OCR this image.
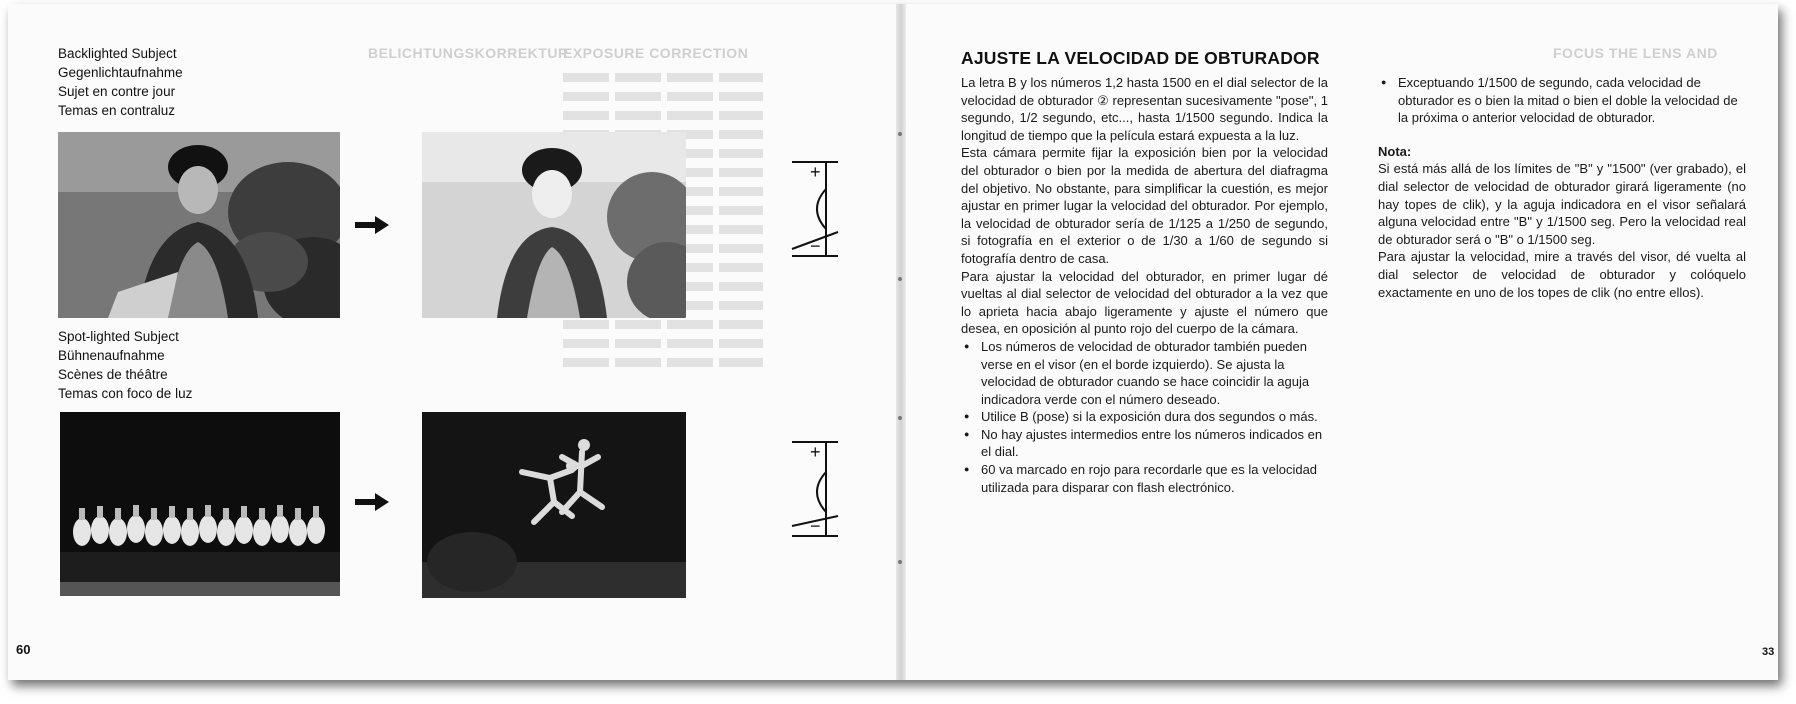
EXPOSURE CORRECTION
BELICHTUNGSKORREKTUR	FOCUS THE LENS AND
Backlighted Subject
Gegenlichtaufnahme
Sujet en contre jour
Temas en contraluz
+
−
Spot-lighted Subject
Bühnenaufnahme
Scènes de théâtre
Temas con foco de luz
+
−
60
AJUSTE LA VELOCIDAD DE OBTURADOR

La letra B y los números 1,2 hasta 1500 en el dial selector de la velocidad de obturador ② representan sucesivamente "pose", 1 segundo, 1/2 segundo, etc..., hasta 1/1500 segundo. Indica la longitud de tiempo que la película estará expuesta a la luz.

Esta cámara permite fijar la exposición bien por la velocidad del obturador o bien por la medida de abertura del diafragma del objetivo. No obstante, para simplificar la cuestión, es mejor ajustar en primer lugar la velocidad del obturador. Por ejemplo, la velocidad de obturador sería de 1/125 a 1/250 de segundo, si fotografía en el exterior o de 1/30 a 1/60 de segundo si fotografía dentro de casa.

Para ajustar la velocidad del obturador, en primer lugar dé vueltas al dial selector de velocidad del obturador a la vez que lo aprieta hacia abajo ligeramente y ajuste el número que desea, en oposición al punto rojo del cuerpo de la cámara.

● Los números de velocidad de obturador también pueden verse en el visor (en el borde izquierdo). Se ajusta la velocidad de obturador cuando se hace coincidir la aguja indicadora verde con el número deseado.
● Utilice B (pose) si la exposición dura dos segundos o más.
● No hay ajustes intermedios entre los números indicados en el dial.
● 60 va marcado en rojo para recordarle que es la velocidad utilizada para disparar con flash electrónico.
● Exceptuando 1/1500 de segundo, cada velocidad de obturador es o bien la mitad o bien el doble la velocidad de la próxima o anterior velocidad de obturador.
Nota:

Si está más allá de los límites de "B" y "1500" (ver grabado), el dial selector de velocidad de obturador girará ligeramente (no hay topes de clik), y la aguja indicadora en el visor señalará alguna velocidad entre "B" y 1/1500 seg. Pero la velocidad real de obturador será o "B" o 1/1500 seg.

Para ajustar la velocidad, mire a través del visor, dé vuelta al dial selector de velocidad de obturador y colóquelo exactamente en uno de los topes de clik (no entre ellos).

33
